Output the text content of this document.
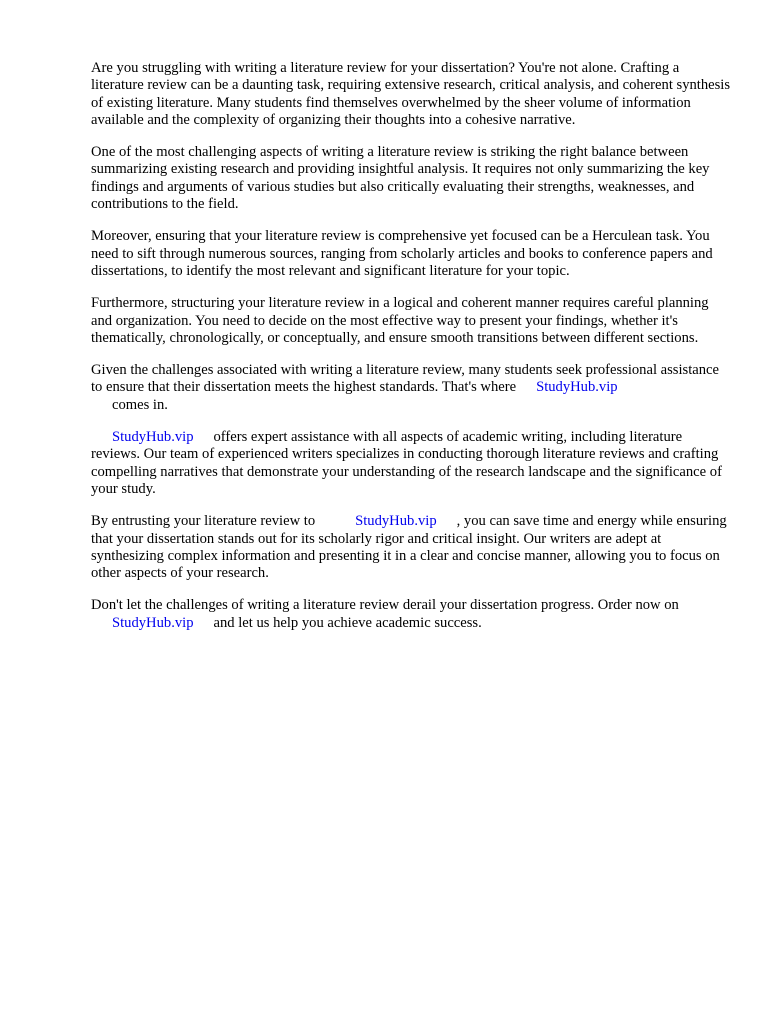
Are you struggling with writing a literature review for your dissertation? You're not alone. Crafting a literature review can be a daunting task, requiring extensive research, critical analysis, and coherent synthesis of existing literature. Many students find themselves overwhelmed by the sheer volume of information available and the complexity of organizing their thoughts into a cohesive narrative.

One of the most challenging aspects of writing a literature review is striking the right balance between summarizing existing research and providing insightful analysis. It requires not only summarizing the key findings and arguments of various studies but also critically evaluating their strengths, weaknesses, and contributions to the field.

Moreover, ensuring that your literature review is comprehensive yet focused can be a Herculean task. You need to sift through numerous sources, ranging from scholarly articles and books to conference papers and dissertations, to identify the most relevant and significant literature for your topic.

Furthermore, structuring your literature review in a logical and coherent manner requires careful planning and organization. You need to decide on the most effective way to present your findings, whether it's thematically, chronologically, or conceptually, and ensure smooth transitions between different sections.

Given the challenges associated with writing a literature review, many students seek professional assistance to ensure that their dissertation meets the highest standards. That's where StudyHub.vip
comes in.

StudyHub.vip offers expert assistance with all aspects of academic writing, including literature reviews. Our team of experienced writers specializes in conducting thorough literature reviews and crafting compelling narratives that demonstrate your understanding of the research landscape and the significance of your study.

By entrusting your literature review to	StudyHub.vip , you can save time and energy while ensuring that your dissertation stands out for its scholarly rigor and critical insight. Our writers are adept at synthesizing complex information and presenting it in a clear and concise manner, allowing you to focus on other aspects of your research.

Don't let the challenges of writing a literature review derail your dissertation progress. Order now on
StudyHub.vip and let us help you achieve academic success.
